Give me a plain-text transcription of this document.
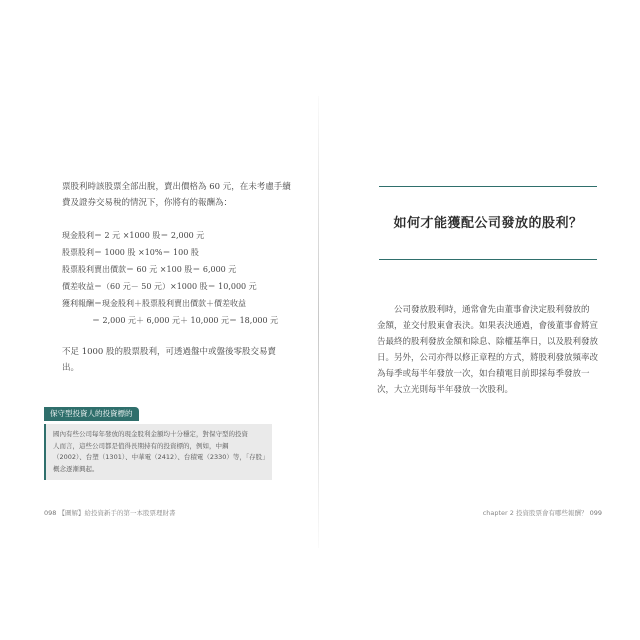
票股利時該股票全部出脫，賣出價格為 60 元，在未考慮手續
費及證券交易稅的情況下，你將有的報酬為：
現金股利＝ 2 元 ×1000 股＝ 2,000 元
股票股利＝ 1000 股 ×10%＝ 100 股
股票股利賣出價款＝ 60 元 ×100 股＝ 6,000 元
價差收益＝（60 元－ 50 元）×1000 股＝ 10,000 元
獲利報酬＝現金股利＋股票股利賣出價款＋價差收益
＝ 2,000 元＋ 6,000 元＋ 10,000 元＝ 18,000 元
不足 1000 股的股票股利，可透過盤中或盤後零股交易賣
出。
保守型投資人的投資標的
國內有些公司每年發放的現金股利金額均十分穩定，對保守型的投資
人而言，這些公司都是值得長期持有的投資標的，例如，中鋼
（2002）、台塑（1301）、中華電（2412）、台積電（2330）等，「存股」
概念逐漸興起。
098 【圖解】給投資新手的第一本股票理財書
如何才能獲配公司發放的股利？
公司發放股利時，通常會先由董事會決定股利發放的
金額，並交付股東會表決。如果表決通過，會後董事會將宣
告最終的股利發放金額和除息、除權基準日，以及股利發放
日。另外，公司亦得以修正章程的方式，將股利發放頻率改
為每季或每半年發放一次，如台積電目前即採每季發放一
次，大立光則每半年發放一次股利。
chapter 2 投資股票會有哪些報酬？ 099
